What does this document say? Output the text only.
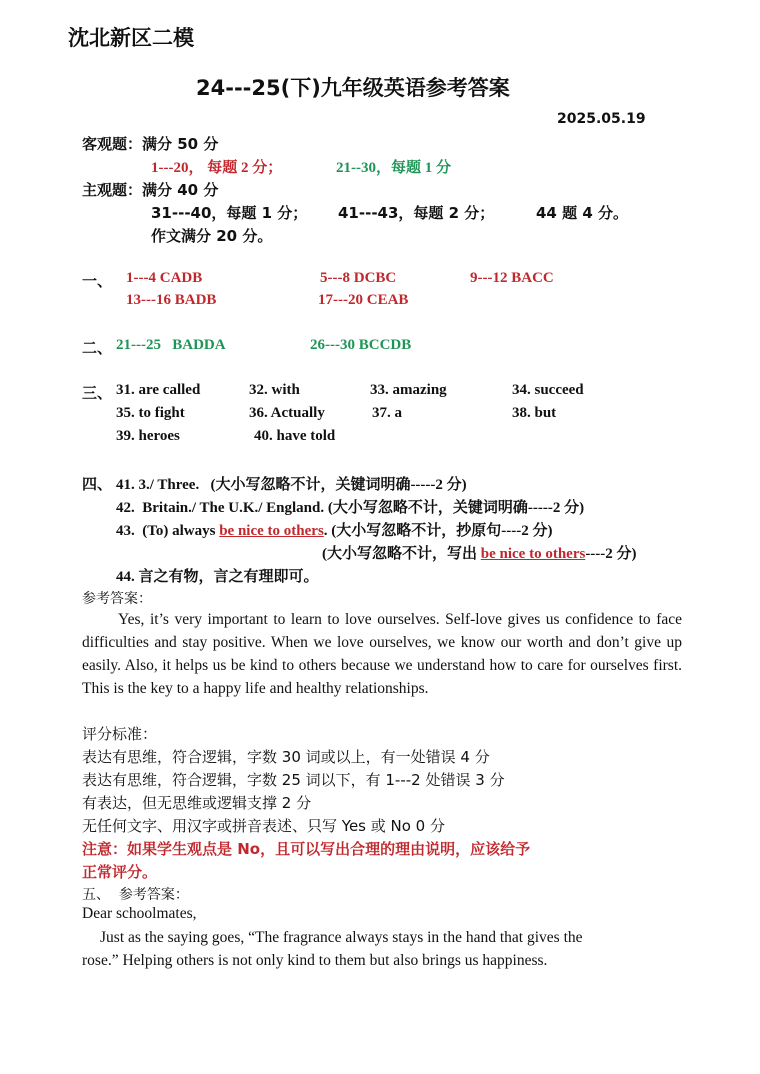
沈北新区二模
24---25(下)九年级英语参考答案
2025.05.19
客观题：满分 50 分
1---20， 每题 2 分；	21--30，每题 1 分
主观题：满分 40 分
31---40，每题 1 分； 41---43，每题 2 分；	44 题 4 分。
作文满分 20 分。
一、 1---4 CADB	5---8 DCBC	9---12 BACC
13---16 BADB	17---20 CEAB
二、 21---25   BADDA	26---30 BCCDB
三、 31. are called	32. with	33. amazing	34. succeed
35. to fight	36. Actually	37. a	38. but
39. heroes	40. have told
四、 41. 3./ Three.   (大小写忽略不计，关键词明确-----2 分)
42.  Britain./ The U.K./ England. (大小写忽略不计，关键词明确-----2 分)
43.  (To) always be nice to others. (大小写忽略不计，抄原句----2 分)
(大小写忽略不计，写出 be nice to others----2 分)
44. 言之有物，言之有理即可。
参考答案：
Yes, it’s very important to learn to love ourselves. Self-love gives us confidence to face difficulties and stay positive. When we love ourselves, we know our worth and don’t give up easily. Also, it helps us be kind to others because we understand how to care for ourselves first. This is the key to a happy life and healthy relationships.
评分标准：
表达有思维，符合逻辑，字数 30 词或以上，有一处错误 4 分
表达有思维，符合逻辑，字数 25 词以下，有 1---2 处错误 3 分
有表达，但无思维或逻辑支撑 2 分
无任何文字、用汉字或拼音表述、只写 Yes 或 No 0 分
注意：如果学生观点是 No，且可以写出合理的理由说明，应该给予
正常评分。
五、  参考答案：
Dear schoolmates,
Just as the saying goes, “The fragrance always stays in the hand that gives the rose.” Helping others is not only kind to them but also brings us happiness.
